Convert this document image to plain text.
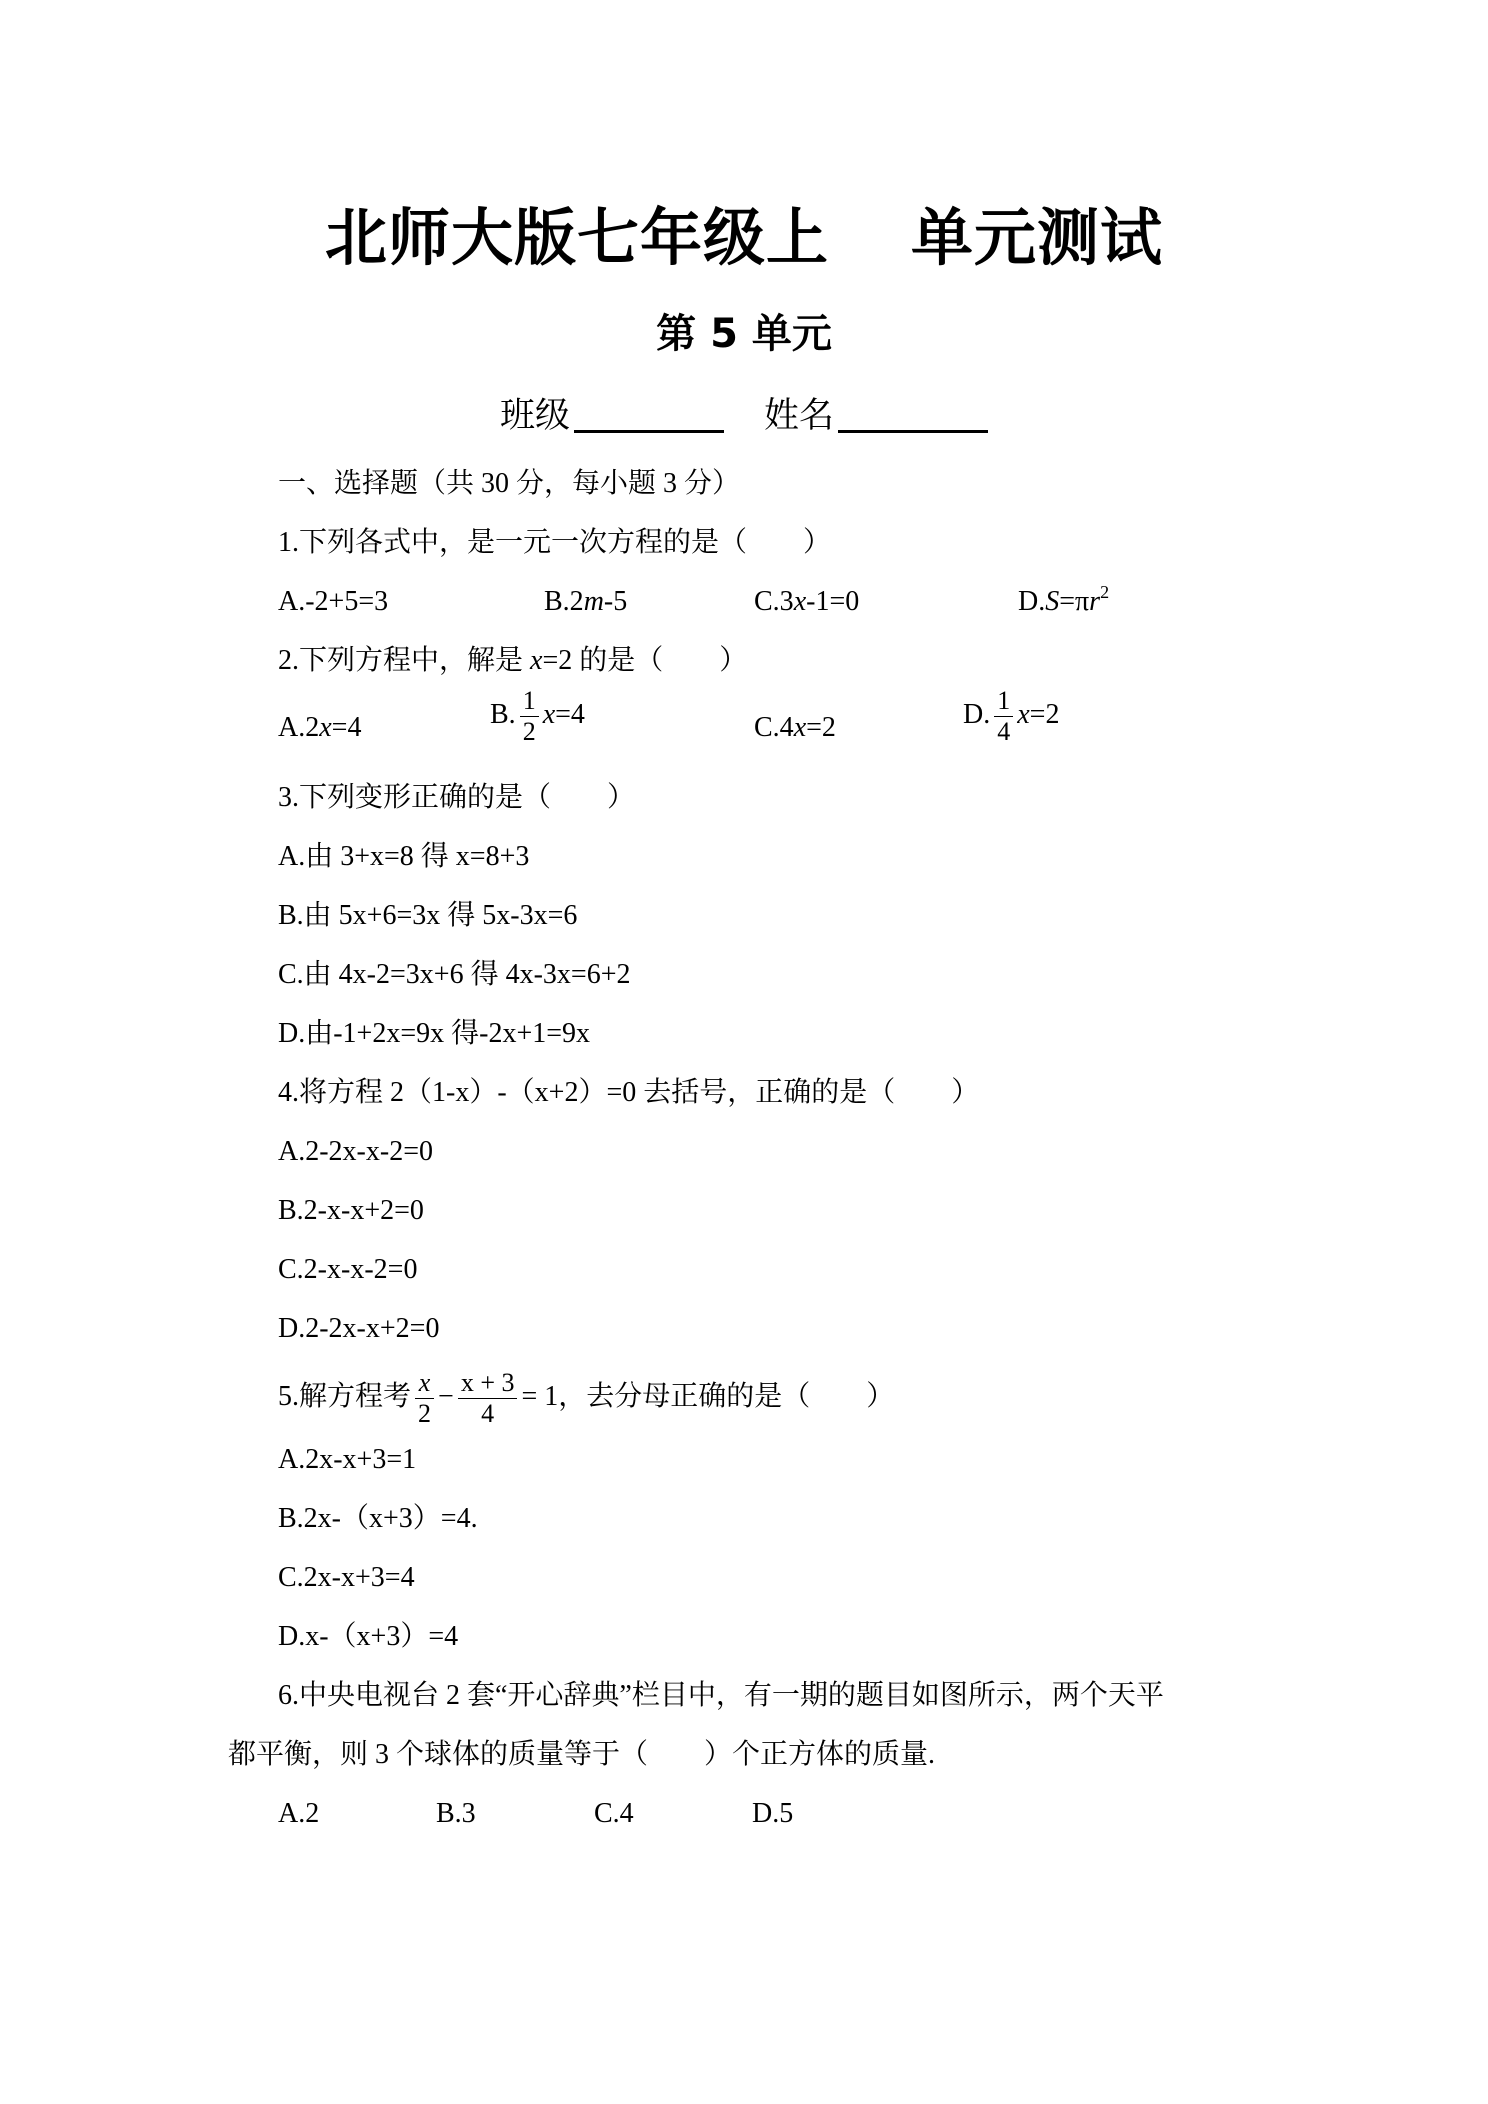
北师大版七年级上 单元测试
第 5 单元
班级	姓名
一、选择题（共 30 分，每小题 3 分）
1.下列各式中，是一元一次方程的是（　　）
A.-2+5=3	B.2m-5	C.3x-1=0	$D.S=\pi r^2$
2.下列方程中，解是 x=2 的是（　　）
A.2x=4	B. $\frac{1}{2} x=4$	C.4x=2	D. $\frac{1}{4} x=2$
3.下列变形正确的是（　　）
A.由 3+x=8 得 x=8+3
B.由 5x+6=3x 得 5x-3x=6
C.由 4x-2=3x+6 得 4x-3x=6+2
D.由-1+2x=9x 得-2x+1=9x
4.将方程 2（1-x）-（x+2）=0 去括号，正确的是（　　）
A.2-2x-x-2=0
B.2-x-x+2=0
C.2-x-x-2=0
D.2-2x-x+2=0
5.解方程考 $\frac{x}{2} - \frac{x + 3}{4} = 1$，去分母正确的是（　　）
A.2x-x+3=1
B.2x-（x+3）=4.
C.2x-x+3=4
D.x-（x+3）=4
6.中央电视台 2 套“开心辞典”栏目中，有一期的题目如图所示，两个天平
都平衡，则 3 个球体的质量等于（　　）个正方体的质量.
A.2	B.3	C.4	D.5
